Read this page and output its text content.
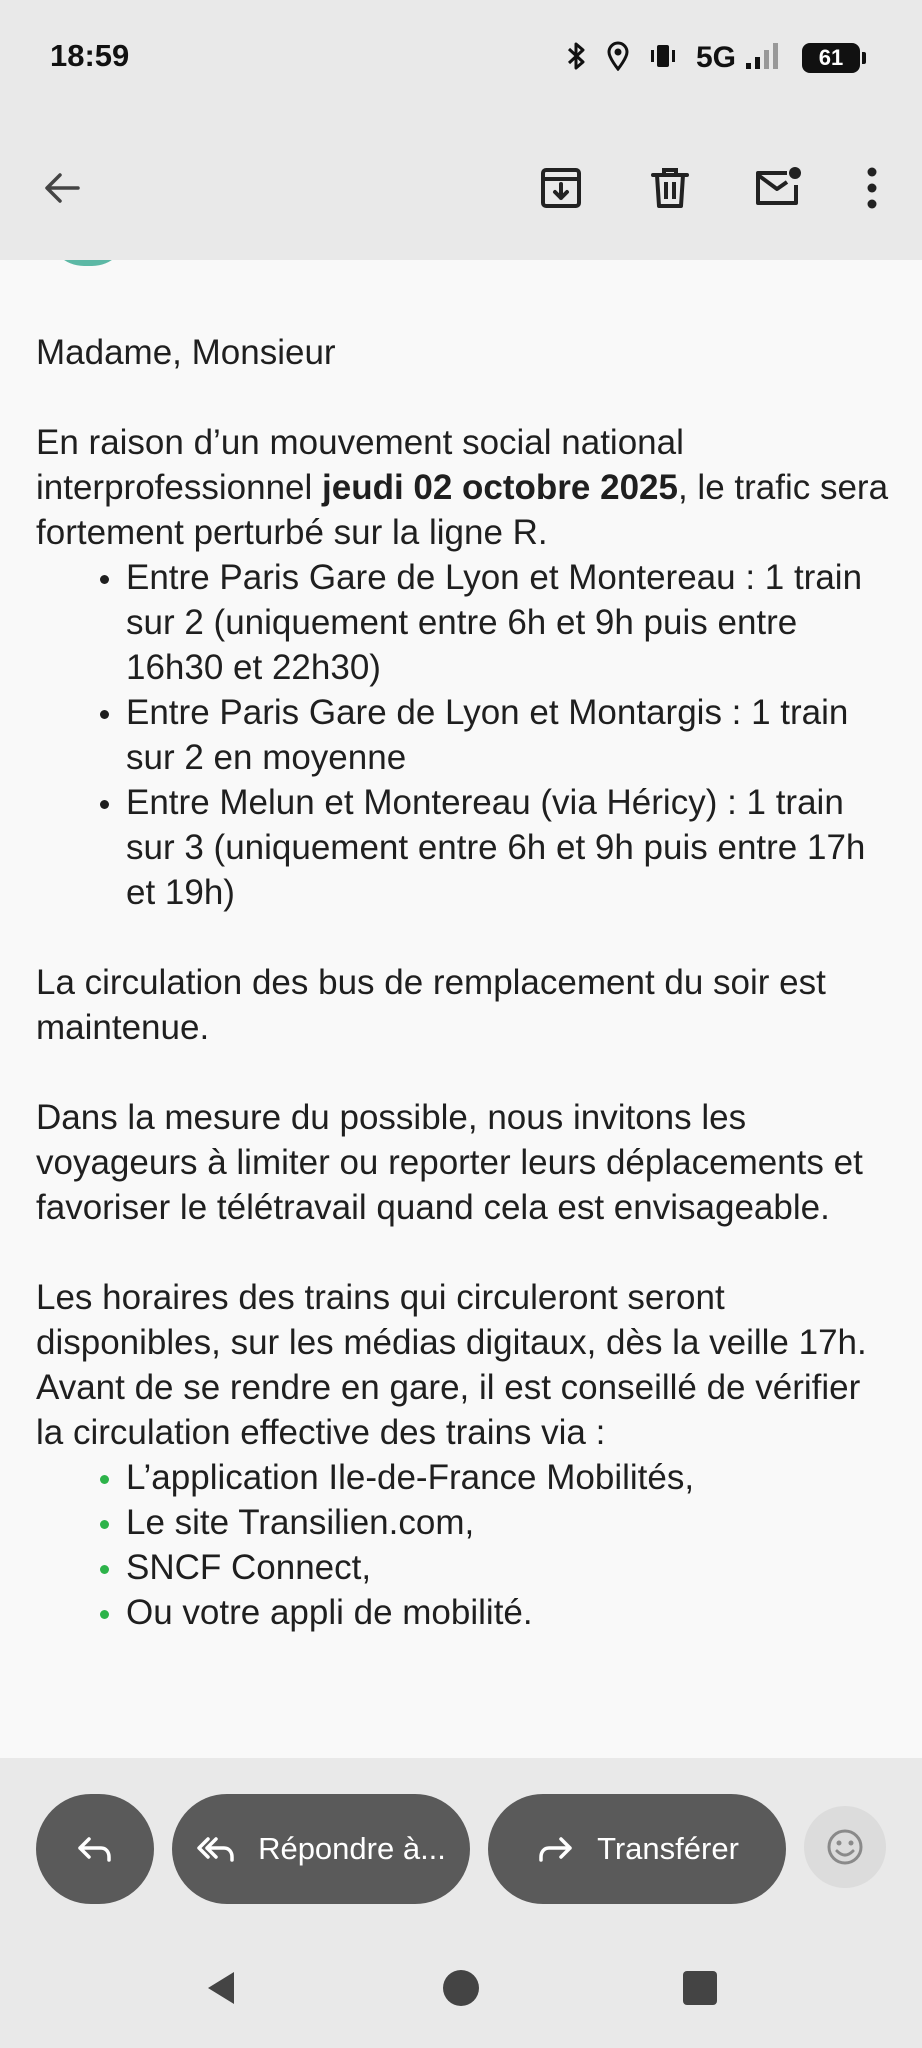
18:59	5G	61

Madame, Monsieur

En raison d’un mouvement social national interprofessionnel jeudi 02 octobre 2025, le trafic sera fortement perturbé sur la ligne R.

Entre Paris Gare de Lyon et Montereau : 1 train sur 2 (uniquement entre 6h et 9h puis entre 16h30 et 22h30)
Entre Paris Gare de Lyon et Montargis : 1 train sur 2 en moyenne
Entre Melun et Montereau (via Héricy) : 1 train sur 3 (uniquement entre 6h et 9h puis entre 17h et 19h)

La circulation des bus de remplacement du soir est maintenue.

Dans la mesure du possible, nous invitons les voyageurs à limiter ou reporter leurs déplacements et favoriser le télétravail quand cela est envisageable.

Les horaires des trains qui circuleront seront disponibles, sur les médias digitaux, dès la veille 17h. Avant de se rendre en gare, il est conseillé de vérifier la circulation effective des trains via :

L’application Ile-de-France Mobilités,
Le site Transilien.com,
SNCF Connect,
Ou votre appli de mobilité.
Répondre à...	Transférer
